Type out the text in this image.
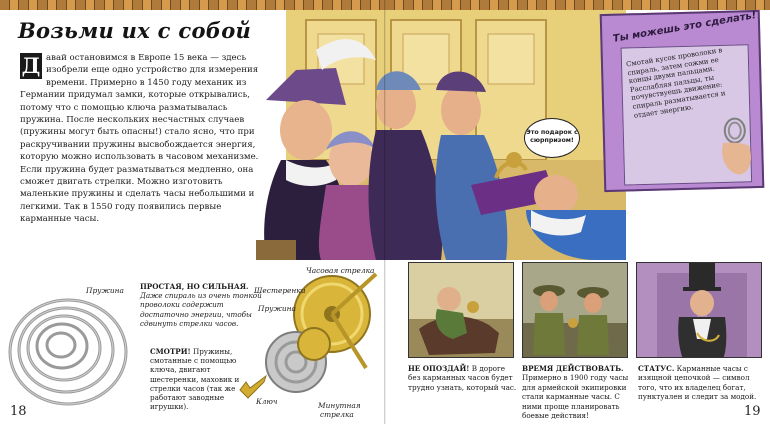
Возьми их с собой
Д авай остановимся в Европе 15 века — здесь изобрели еще одно устройство для измерения времени. Примерно в 1450 году механик из Германии придумал замки, которые открывались, потому что с помощью ключа разматывалась пружина. После нескольких несчастных случаев (пружины могут быть опасны!) стало ясно, что при раскручивании пружины высвобождается энергия, которую можно использовать в часовом механизме. Если пружина будет разматываться медленно, она сможет двигать стрелки. Можно изготовить маленькие пружины и сделать часы небольшими и легкими. Так в 1550 году появились первые карманные часы.
Это подарок с сюрпризом!
Ты можешь это сделать!
Смотай кусок проволоки в спираль, затем сожми ее концы двумя пальцами. Расслабляя пальцы, ты почувствуешь движение: спираль разматывается и отдает энергию.
Пружина ПРОСТАЯ, НО СИЛЬНАЯ. Даже спираль из очень тонкой проволоки содержит достаточно энергии, чтобы сдвинуть стрелки часов.
СМОТРИ! Пружины, смотанные с помощью ключа, двигают шестеренки, маховик и стрелки часов (так же работают заводные игрушки).
Часовая стрелка
Шестеренки
Пружина
Ключ	Минутная
стрелка
НЕ ОПОЗДАЙ! В дороге без карманных часов будет трудно узнать, который час.
ВРЕМЯ ДЕЙСТВОВАТЬ. Примерно в 1900 году часы для армейской экипировки стали карманные часы. С ними проще планировать боевые действия!
СТАТУС. Карманные часы с изящной цепочкой — символ того, что их владелец богат, пунктуален и следит за модой.
18	19
